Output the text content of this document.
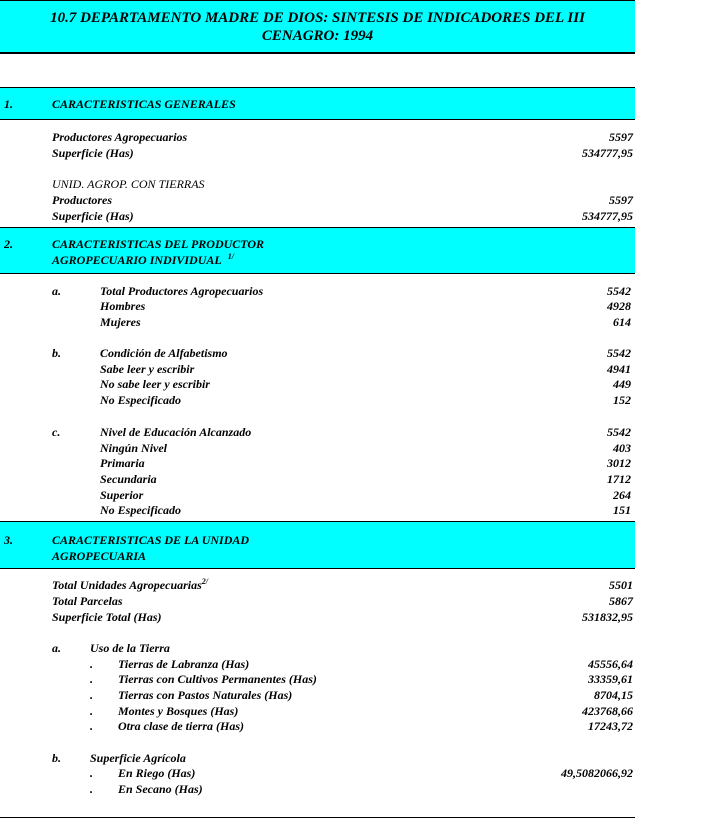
10.7 DEPARTAMENTO MADRE DE DIOS: SINTESIS DE INDICADORES DEL III
CENAGRO: 1994
1.	CARACTERISTICAS GENERALES
Productores Agropecuarios	5597
Superficie (Has)	534777,95
UNID. AGROP. CON TIERRAS
Productores	5597
Superficie (Has)	534777,95
2.	CARACTERISTICAS DEL PRODUCTOR
AGROPECUARIO INDIVIDUAL $^{1/}$
a.	Total Productores Agropecuarios	5542
Hombres	4928
Mujeres	614
b.	Condición de Alfabetismo	5542
Sabe leer y escribir	4941
No sabe leer y escribir	449
No Especificado	152
c.	Nivel de Educación Alcanzado	5542
Ningún Nivel	403
Primaria	3012
Secundaria	1712
Superior	264
No Especificado	151
3.	CARACTERISTICAS DE LA UNIDAD
AGROPECUARIA
Total Unidades Agropecuarias$^{2/}$	5501
Total Parcelas	5867
Superficie Total (Has)	531832,95
a. Uso de la Tierra
. Tierras de Labranza (Has)	45556,64
. Tierras con Cultivos Permanentes (Has)	33359,61
. Tierras con Pastos Naturales (Has)	8704,15
. Montes y Bosques (Has)	423768,66
. Otra clase de tierra (Has)	17243,72
b. Superficie Agrícola
. En Riego (Has)	49,5082066,92
. En Secano (Has)
